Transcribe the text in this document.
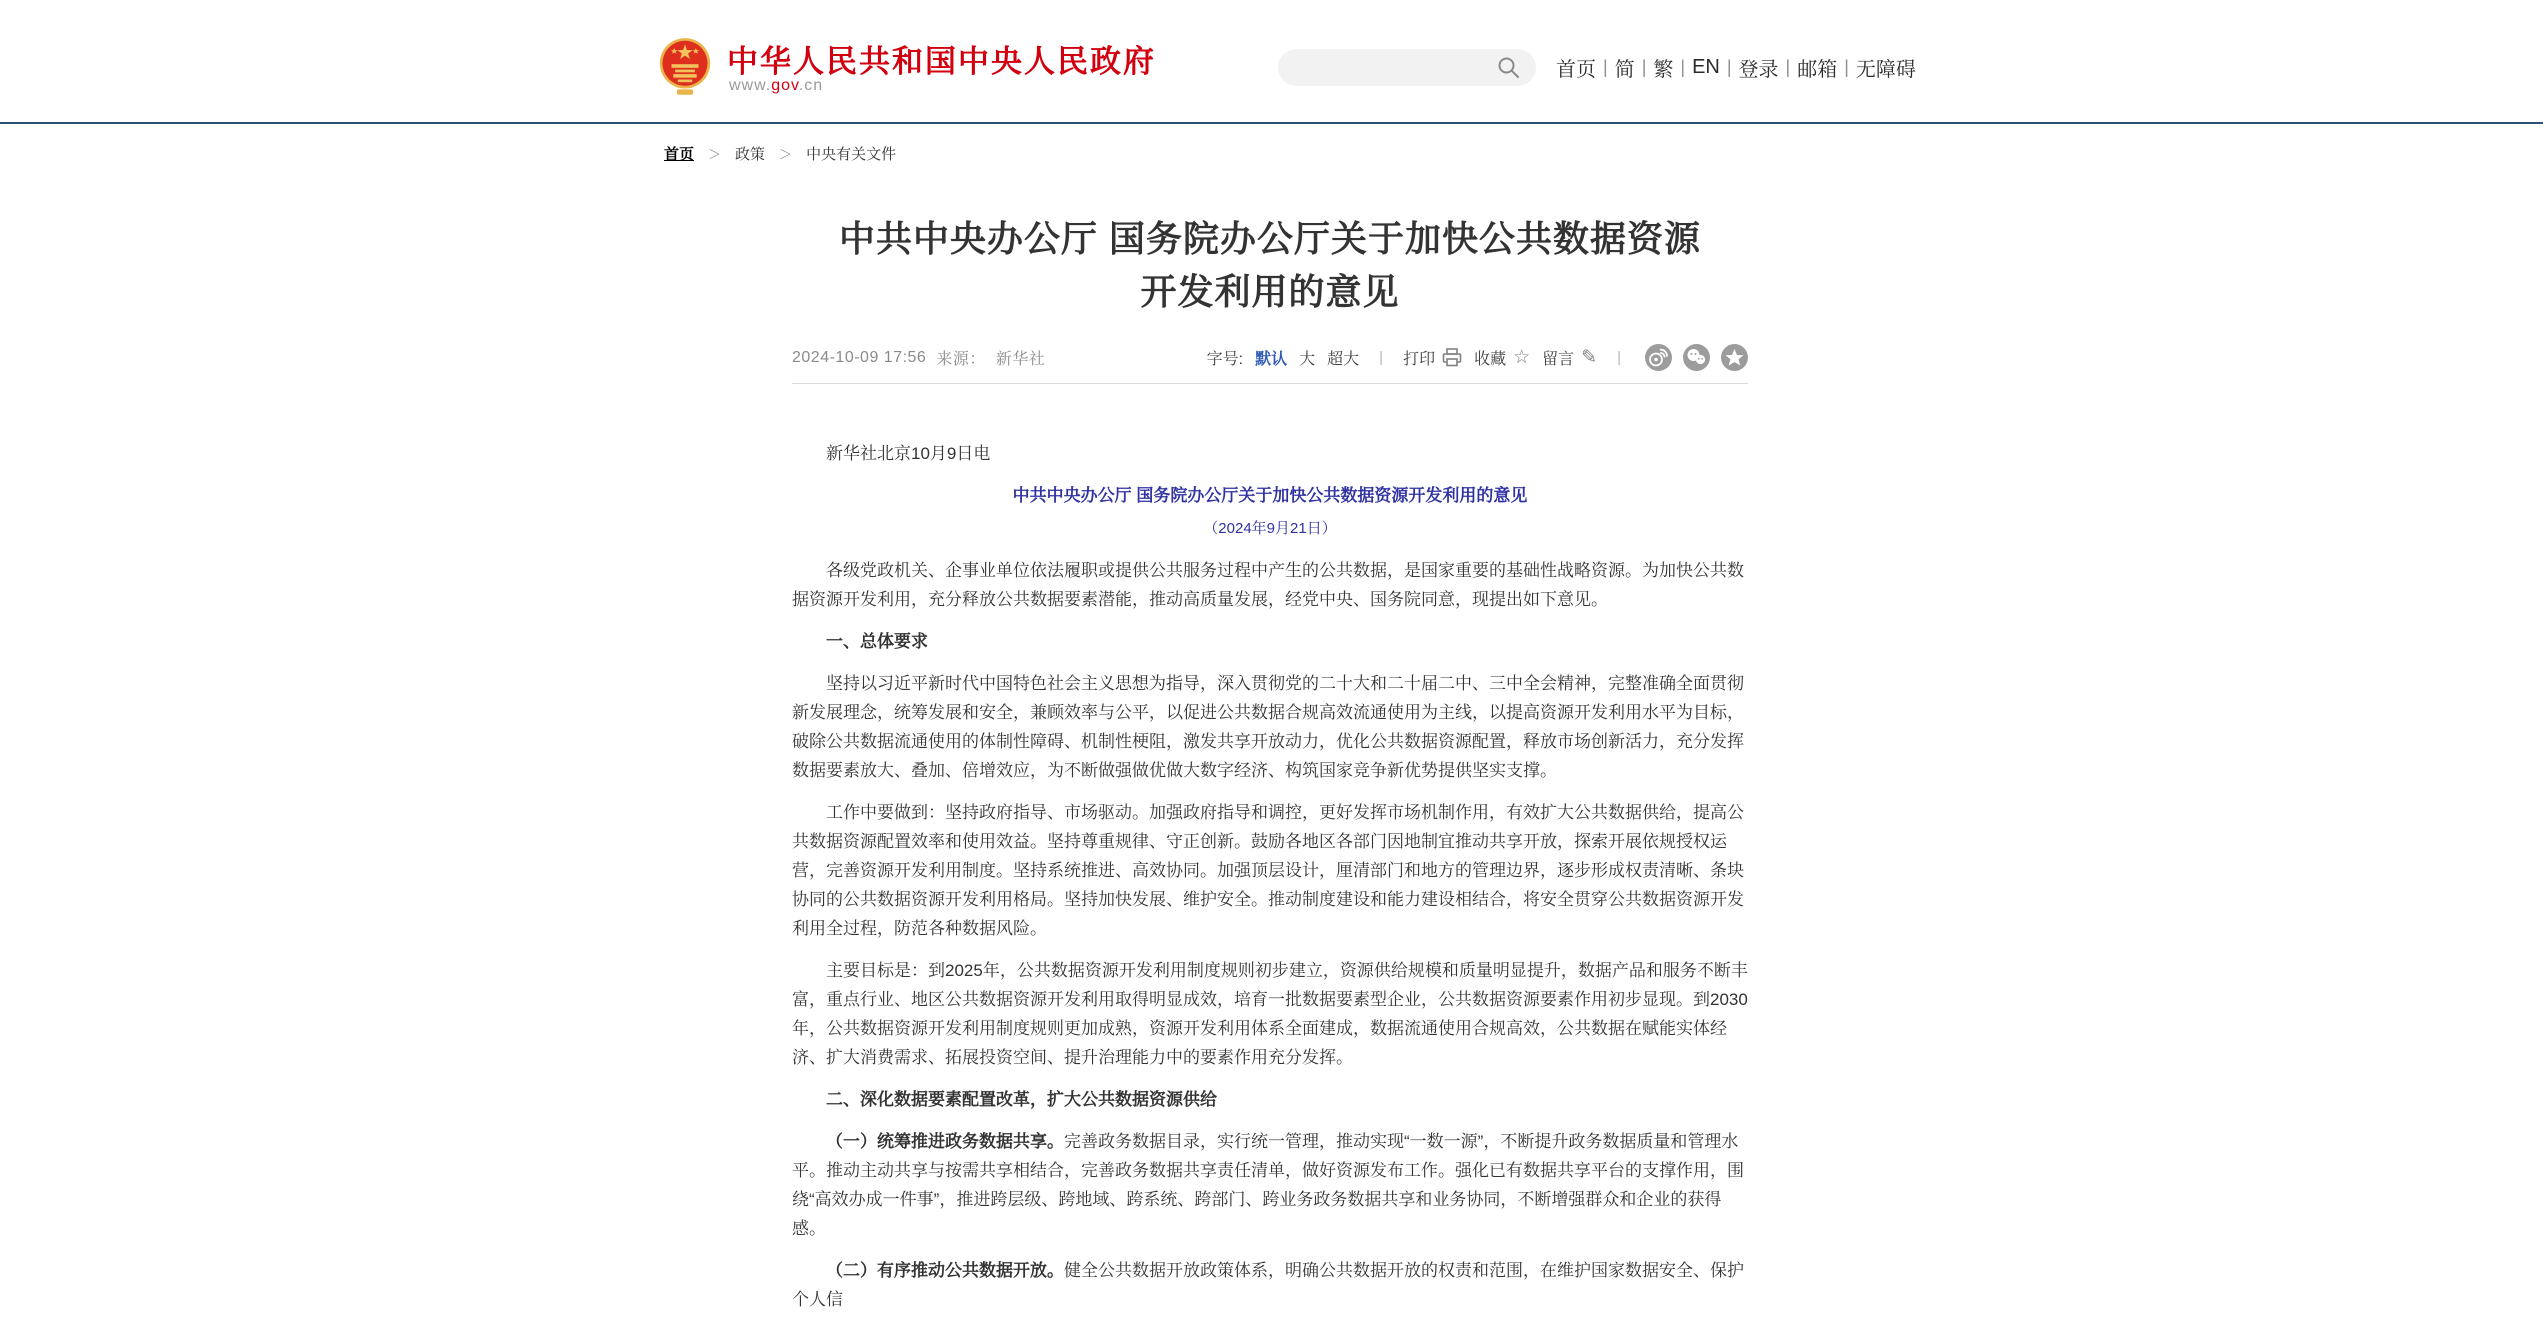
中华人民共和国中央人民政府
www.gov.cn
首页 | 简 | 繁 | EN | 登录 | 邮箱 | 无障碍
首页 ＞ 政策 ＞ 中央有关文件
中共中央办公厅 国务院办公厅关于加快公共数据资源开发利用的意见
2024-10-09 17:56 来源： 新华社	字号: 默认 大 超大	|	打印 收藏 ☆ 留言 ✎	|

新华社北京10月9日电

中共中央办公厅 国务院办公厅关于加快公共数据资源开发利用的意见

（2024年9月21日）

各级党政机关、企事业单位依法履职或提供公共服务过程中产生的公共数据，是国家重要的基础性战略资源。为加快公共数据资源开发利用，充分释放公共数据要素潜能，推动高质量发展，经党中央、国务院同意，现提出如下意见。

一、总体要求

坚持以习近平新时代中国特色社会主义思想为指导，深入贯彻党的二十大和二十届二中、三中全会精神，完整准确全面贯彻新发展理念，统筹发展和安全，兼顾效率与公平，以促进公共数据合规高效流通使用为主线，以提高资源开发利用水平为目标，破除公共数据流通使用的体制性障碍、机制性梗阻，激发共享开放动力，优化公共数据资源配置，释放市场创新活力，充分发挥数据要素放大、叠加、倍增效应，为不断做强做优做大数字经济、构筑国家竞争新优势提供坚实支撑。

工作中要做到：坚持政府指导、市场驱动。加强政府指导和调控，更好发挥市场机制作用，有效扩大公共数据供给，提高公共数据资源配置效率和使用效益。坚持尊重规律、守正创新。鼓励各地区各部门因地制宜推动共享开放，探索开展依规授权运营，完善资源开发利用制度。坚持系统推进、高效协同。加强顶层设计，厘清部门和地方的管理边界，逐步形成权责清晰、条块协同的公共数据资源开发利用格局。坚持加快发展、维护安全。推动制度建设和能力建设相结合，将安全贯穿公共数据资源开发利用全过程，防范各种数据风险。

主要目标是：到2025年，公共数据资源开发利用制度规则初步建立，资源供给规模和质量明显提升，数据产品和服务不断丰富，重点行业、地区公共数据资源开发利用取得明显成效，培育一批数据要素型企业，公共数据资源要素作用初步显现。到2030年，公共数据资源开发利用制度规则更加成熟，资源开发利用体系全面建成，数据流通使用合规高效，公共数据在赋能实体经济、扩大消费需求、拓展投资空间、提升治理能力中的要素作用充分发挥。

二、深化数据要素配置改革，扩大公共数据资源供给

（一）统筹推进政务数据共享。完善政务数据目录，实行统一管理，推动实现“一数一源”，不断提升政务数据质量和管理水平。推动主动共享与按需共享相结合，完善政务数据共享责任清单，做好资源发布工作。强化已有数据共享平台的支撑作用，围绕“高效办成一件事”，推进跨层级、跨地域、跨系统、跨部门、跨业务政务数据共享和业务协同，不断增强群众和企业的获得感。

（二）有序推动公共数据开放。健全公共数据开放政策体系，明确公共数据开放的权责和范围，在维护国家数据安全、保护个人信
